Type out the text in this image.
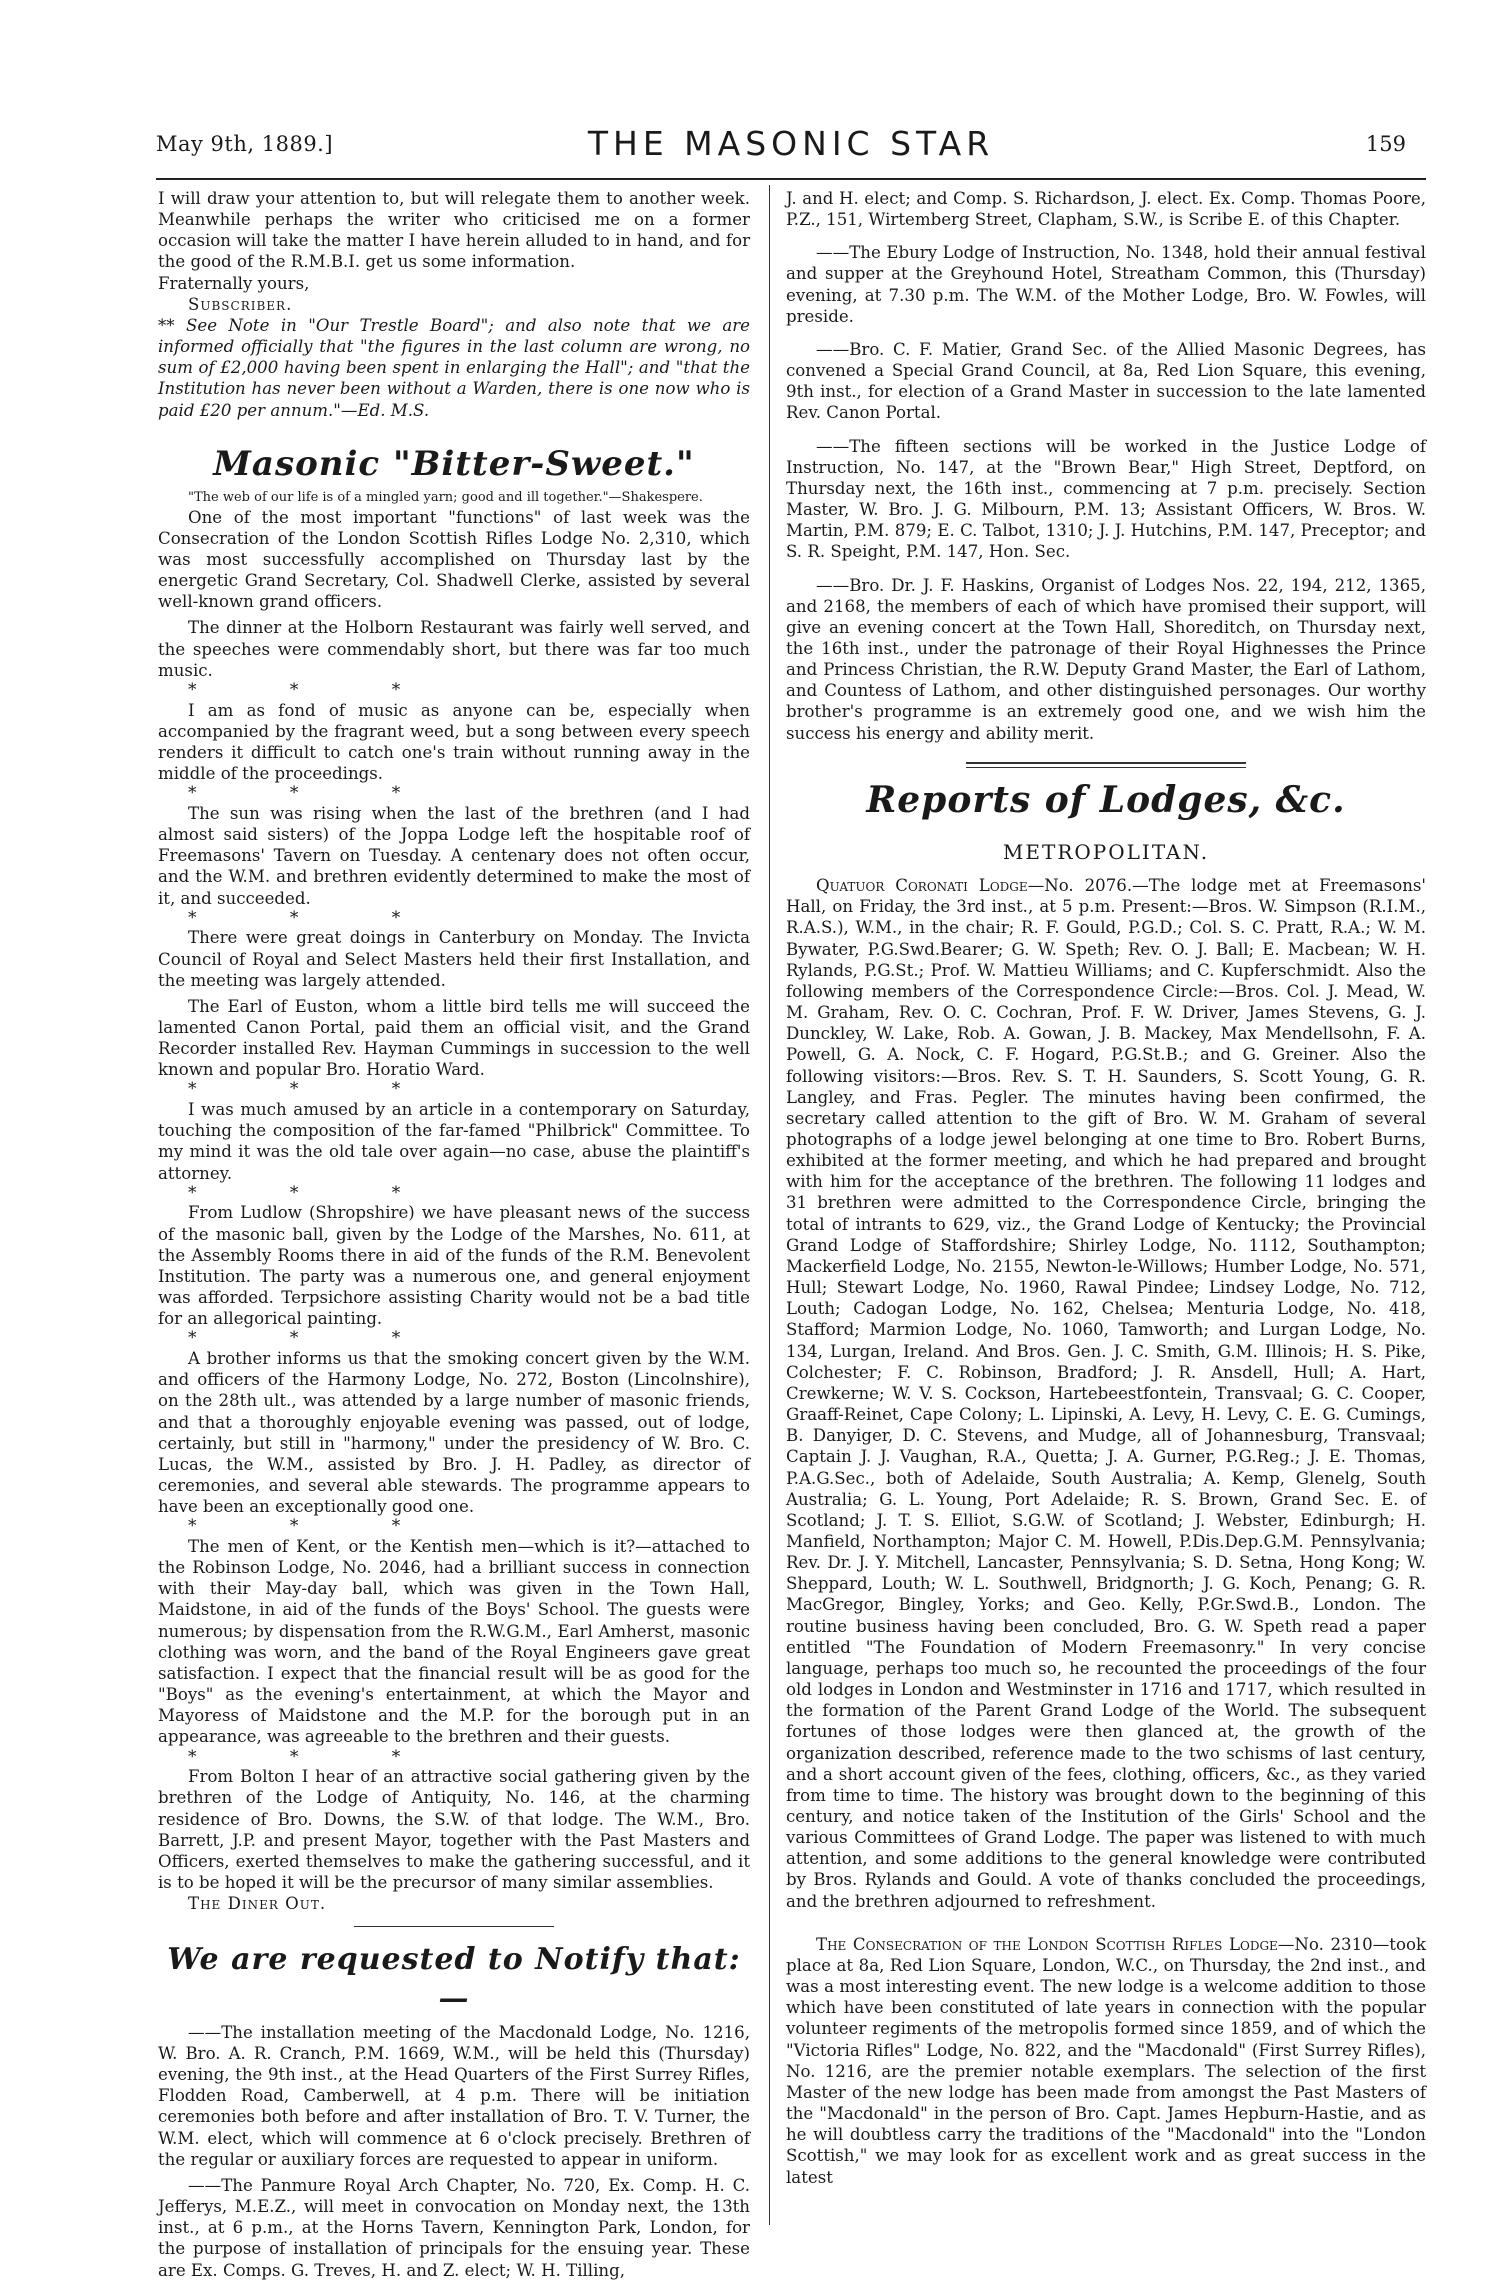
May 9th, 1889.]	THE MASONIC STAR	159

I will draw your attention to, but will relegate them to another week. Meanwhile perhaps the writer who criticised me on a former occasion will take the matter I have herein alluded to in hand, and for the good of the R.M.B.I. get us some information.

Fraternally yours,

Subscriber.

** See Note in "Our Trestle Board"; and also note that we are informed officially that "the figures in the last column are wrong, no sum of £2,000 having been spent in enlarging the Hall"; and "that the Institution has never been without a Warden, there is one now who is paid £20 per annum."—Ed. M.S.

Masonic "Bitter-Sweet."

"The web of our life is of a mingled yarn; good and ill together."—Shakespere.

One of the most important "functions" of last week was the Consecration of the London Scottish Rifles Lodge No. 2,310, which was most successfully accomplished on Thursday last by the energetic Grand Secretary, Col. Shadwell Clerke, assisted by several well-known grand officers.

The dinner at the Holborn Restaurant was fairly well served, and the speeches were commendably short, but there was far too much music.

* * *

I am as fond of music as anyone can be, especially when accompanied by the fragrant weed, but a song between every speech renders it difficult to catch one's train without running away in the middle of the proceedings.

* * *

The sun was rising when the last of the brethren (and I had almost said sisters) of the Joppa Lodge left the hospitable roof of Freemasons' Tavern on Tuesday. A centenary does not often occur, and the W.M. and brethren evidently determined to make the most of it, and succeeded.

* * *

There were great doings in Canterbury on Monday. The Invicta Council of Royal and Select Masters held their first Installation, and the meeting was largely attended.

The Earl of Euston, whom a little bird tells me will succeed the lamented Canon Portal, paid them an official visit, and the Grand Recorder installed Rev. Hayman Cummings in succession to the well known and popular Bro. Horatio Ward.

* * *

I was much amused by an article in a contemporary on Saturday, touching the composition of the far-famed "Philbrick" Committee. To my mind it was the old tale over again—no case, abuse the plaintiff's attorney.

* * *

From Ludlow (Shropshire) we have pleasant news of the success of the masonic ball, given by the Lodge of the Marshes, No. 611, at the Assembly Rooms there in aid of the funds of the R.M. Benevolent Institution. The party was a numerous one, and general enjoyment was afforded. Terpsichore assisting Charity would not be a bad title for an allegorical painting.

* * *

A brother informs us that the smoking concert given by the W.M. and officers of the Harmony Lodge, No. 272, Boston (Lincolnshire), on the 28th ult., was attended by a large number of masonic friends, and that a thoroughly enjoyable evening was passed, out of lodge, certainly, but still in "harmony," under the presidency of W. Bro. C. Lucas, the W.M., assisted by Bro. J. H. Padley, as director of ceremonies, and several able stewards. The programme appears to have been an exceptionally good one.

* * *

The men of Kent, or the Kentish men—which is it?—attached to the Robinson Lodge, No. 2046, had a brilliant success in connection with their May-day ball, which was given in the Town Hall, Maidstone, in aid of the funds of the Boys' School. The guests were numerous; by dispensation from the R.W.G.M., Earl Amherst, masonic clothing was worn, and the band of the Royal Engineers gave great satisfaction. I expect that the financial result will be as good for the "Boys" as the evening's entertainment, at which the Mayor and Mayoress of Maidstone and the M.P. for the borough put in an appearance, was agreeable to the brethren and their guests.

* * *

From Bolton I hear of an attractive social gathering given by the brethren of the Lodge of Antiquity, No. 146, at the charming residence of Bro. Downs, the S.W. of that lodge. The W.M., Bro. Barrett, J.P. and present Mayor, together with the Past Masters and Officers, exerted themselves to make the gathering successful, and it is to be hoped it will be the precursor of many similar assemblies.

The Diner Out.

We are requested to Notify that:—

——The installation meeting of the Macdonald Lodge, No. 1216, W. Bro. A. R. Cranch, P.M. 1669, W.M., will be held this (Thursday) evening, the 9th inst., at the Head Quarters of the First Surrey Rifles, Flodden Road, Camberwell, at 4 p.m. There will be initiation ceremonies both before and after installation of Bro. T. V. Turner, the W.M. elect, which will commence at 6 o'clock precisely. Brethren of the regular or auxiliary forces are requested to appear in uniform.

——The Panmure Royal Arch Chapter, No. 720, Ex. Comp. H. C. Jefferys, M.E.Z., will meet in convocation on Monday next, the 13th inst., at 6 p.m., at the Horns Tavern, Kennington Park, London, for the purpose of installation of principals for the ensuing year. These are Ex. Comps. G. Treves, H. and Z. elect; W. H. Tilling,

J. and H. elect; and Comp. S. Richardson, J. elect. Ex. Comp. Thomas Poore, P.Z., 151, Wirtemberg Street, Clapham, S.W., is Scribe E. of this Chapter.

——The Ebury Lodge of Instruction, No. 1348, hold their annual festival and supper at the Greyhound Hotel, Streatham Common, this (Thursday) evening, at 7.30 p.m. The W.M. of the Mother Lodge, Bro. W. Fowles, will preside.

——Bro. C. F. Matier, Grand Sec. of the Allied Masonic Degrees, has convened a Special Grand Council, at 8a, Red Lion Square, this evening, 9th inst., for election of a Grand Master in succession to the late lamented Rev. Canon Portal.

——The fifteen sections will be worked in the Justice Lodge of Instruction, No. 147, at the "Brown Bear," High Street, Deptford, on Thursday next, the 16th inst., commencing at 7 p.m. precisely. Section Master, W. Bro. J. G. Milbourn, P.M. 13; Assistant Officers, W. Bros. W. Martin, P.M. 879; E. C. Talbot, 1310; J. J. Hutchins, P.M. 147, Preceptor; and S. R. Speight, P.M. 147, Hon. Sec.

——Bro. Dr. J. F. Haskins, Organist of Lodges Nos. 22, 194, 212, 1365, and 2168, the members of each of which have promised their support, will give an evening concert at the Town Hall, Shoreditch, on Thursday next, the 16th inst., under the patronage of their Royal Highnesses the Prince and Princess Christian, the R.W. Deputy Grand Master, the Earl of Lathom, and Countess of Lathom, and other distinguished personages. Our worthy brother's programme is an extremely good one, and we wish him the success his energy and ability merit.

Reports of Lodges, &c.
METROPOLITAN.

Quatuor Coronati Lodge—No. 2076.—The lodge met at Freemasons' Hall, on Friday, the 3rd inst., at 5 p.m. Present:—Bros. W. Simpson (R.I.M., R.A.S.), W.M., in the chair; R. F. Gould, P.G.D.; Col. S. C. Pratt, R.A.; W. M. Bywater, P.G.Swd.Bearer; G. W. Speth; Rev. O. J. Ball; E. Macbean; W. H. Rylands, P.G.St.; Prof. W. Mattieu Williams; and C. Kupferschmidt. Also the following members of the Correspondence Circle:—Bros. Col. J. Mead, W. M. Graham, Rev. O. C. Cochran, Prof. F. W. Driver, James Stevens, G. J. Dunckley, W. Lake, Rob. A. Gowan, J. B. Mackey, Max Mendellsohn, F. A. Powell, G. A. Nock, C. F. Hogard, P.G.St.B.; and G. Greiner. Also the following visitors:—Bros. Rev. S. T. H. Saunders, S. Scott Young, G. R. Langley, and Fras. Pegler. The minutes having been confirmed, the secretary called attention to the gift of Bro. W. M. Graham of several photographs of a lodge jewel belonging at one time to Bro. Robert Burns, exhibited at the former meeting, and which he had prepared and brought with him for the acceptance of the brethren. The following 11 lodges and 31 brethren were admitted to the Correspondence Circle, bringing the total of intrants to 629, viz., the Grand Lodge of Kentucky; the Provincial Grand Lodge of Staffordshire; Shirley Lodge, No. 1112, Southampton; Mackerfield Lodge, No. 2155, Newton-le-Willows; Humber Lodge, No. 571, Hull; Stewart Lodge, No. 1960, Rawal Pindee; Lindsey Lodge, No. 712, Louth; Cadogan Lodge, No. 162, Chelsea; Menturia Lodge, No. 418, Stafford; Marmion Lodge, No. 1060, Tamworth; and Lurgan Lodge, No. 134, Lurgan, Ireland. And Bros. Gen. J. C. Smith, G.M. Illinois; H. S. Pike, Colchester; F. C. Robinson, Bradford; J. R. Ansdell, Hull; A. Hart, Crewkerne; W. V. S. Cockson, Hartebeestfontein, Transvaal; G. C. Cooper, Graaff-Reinet, Cape Colony; L. Lipinski, A. Levy, H. Levy, C. E. G. Cumings, B. Danyiger, D. C. Stevens, and Mudge, all of Johannesburg, Transvaal; Captain J. J. Vaughan, R.A., Quetta; J. A. Gurner, P.G.Reg.; J. E. Thomas, P.A.G.Sec., both of Adelaide, South Australia; A. Kemp, Glenelg, South Australia; G. L. Young, Port Adelaide; R. S. Brown, Grand Sec. E. of Scotland; J. T. S. Elliot, S.G.W. of Scotland; J. Webster, Edinburgh; H. Manfield, Northampton; Major C. M. Howell, P.Dis.Dep.G.M. Pennsylvania; Rev. Dr. J. Y. Mitchell, Lancaster, Pennsylvania; S. D. Setna, Hong Kong; W. Sheppard, Louth; W. L. Southwell, Bridgnorth; J. G. Koch, Penang; G. R. MacGregor, Bingley, Yorks; and Geo. Kelly, P.Gr.Swd.B., London. The routine business having been concluded, Bro. G. W. Speth read a paper entitled "The Foundation of Modern Freemasonry." In very concise language, perhaps too much so, he recounted the proceedings of the four old lodges in London and Westminster in 1716 and 1717, which resulted in the formation of the Parent Grand Lodge of the World. The subsequent fortunes of those lodges were then glanced at, the growth of the organization described, reference made to the two schisms of last century, and a short account given of the fees, clothing, officers, &c., as they varied from time to time. The history was brought down to the beginning of this century, and notice taken of the Institution of the Girls' School and the various Committees of Grand Lodge. The paper was listened to with much attention, and some additions to the general knowledge were contributed by Bros. Rylands and Gould. A vote of thanks concluded the proceedings, and the brethren adjourned to refreshment.

The Consecration of the London Scottish Rifles Lodge—No. 2310—took place at 8a, Red Lion Square, London, W.C., on Thursday, the 2nd inst., and was a most interesting event. The new lodge is a welcome addition to those which have been constituted of late years in connection with the popular volunteer regiments of the metropolis formed since 1859, and of which the "Victoria Rifles" Lodge, No. 822, and the "Macdonald" (First Surrey Rifles), No. 1216, are the premier notable exemplars. The selection of the first Master of the new lodge has been made from amongst the Past Masters of the "Macdonald" in the person of Bro. Capt. James Hepburn-Hastie, and as he will doubtless carry the traditions of the "Macdonald" into the "London Scottish," we may look for as excellent work and as great success in the latest
